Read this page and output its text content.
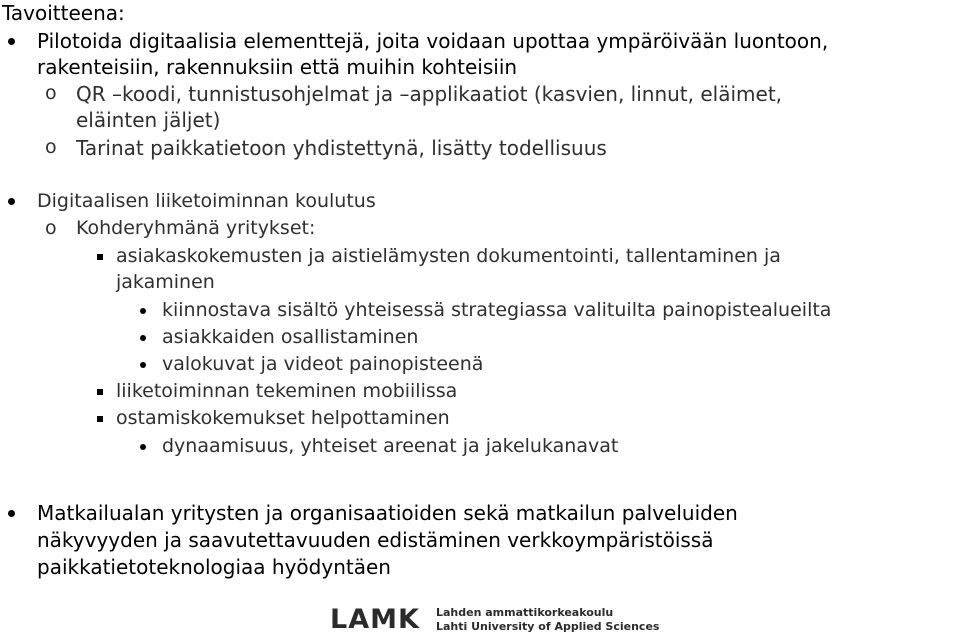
Tavoitteena:
Pilotoida digitaalisia elementtejä, joita voidaan upottaa ympäröivään luontoon,
rakenteisiin, rakennuksiin että muihin kohteisiin
o QR –koodi, tunnistusohjelmat ja –applikaatiot (kasvien, linnut, eläimet,
eläinten jäljet)
o Tarinat paikkatietoon yhdistettynä, lisätty todellisuus
Digitaalisen liiketoiminnan koulutus
o Kohderyhmänä yritykset:
asiakaskokemusten ja aistielämysten dokumentointi, tallentaminen ja
jakaminen
kiinnostava sisältö yhteisessä strategiassa valituilta painopistealueilta
asiakkaiden osallistaminen
valokuvat ja videot painopisteenä
liiketoiminnan tekeminen mobiilissa
ostamiskokemukset helpottaminen
dynaamisuus, yhteiset areenat ja jakelukanavat
Matkailualan yritysten ja organisaatioiden sekä matkailun palveluiden
näkyvyyden ja saavutettavuuden edistäminen verkkoympäristöissä
paikkatietoteknologiaa hyödyntäen
LAMK Lahden ammattikorkeakoulu
Lahti University of Applied Sciences
